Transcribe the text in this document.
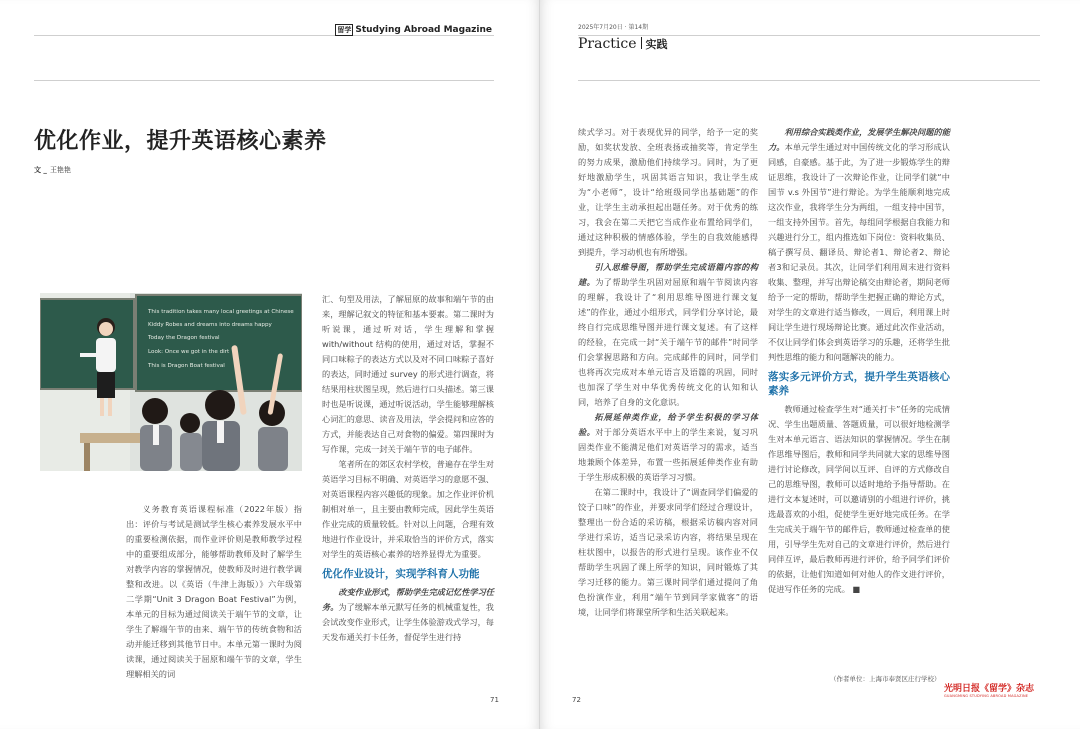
留学 Studying Abroad Magazine
优化作业，提升英语核心素养
文 _ 王艳艳
This tradition takes many local greetings at Chinese
Kiddy Robes and dreams into dreams happy
Today the Dragon festival
Look: Once we got in the dirt
This is Dragon Boat festival

汇、句型及用法，了解屈原的故事和端午节的由来，理解记叙文的特征和基本要素。第二课时为听说课，通过听对话，学生理解和掌握 with/without 结构的使用，通过对话，掌握不同口味粽子的表达方式以及对不同口味粽子喜好的表达，同时通过 survey 的形式进行调查，将结果用柱状图呈现，然后进行口头描述。第三课时也是听说课，通过听说活动，学生能够理解核心词汇的意思、读音及用法，学会提问和应答的方式，并能表达自己对食物的偏爱。第四课时为写作课，完成一封关于端午节的电子邮件。

笔者所在的郊区农村学校，普遍存在学生对英语学习目标不明确、对英语学习的意愿不强、对英语课程内容兴趣低的现象。加之作业评价机制相对单一，且主要由教师完成，因此学生英语作业完成的质量较低。针对以上问题，合理有效地进行作业设计，并采取恰当的评价方式，落实对学生的英语核心素养的培养显得尤为重要。

优化作业设计，实现学科育人功能

改变作业形式，帮助学生完成记忆性学习任务。为了缓解本单元默写任务的机械重复性，我会试改变作业形式，让学生体验游戏式学习，每天发布通关打卡任务，督促学生进行持

义务教育英语课程标准（2022年版）指出：评价与考试是测试学生核心素养发展水平中的重要检测依据，而作业评价则是教师教学过程中的重要组成部分，能够帮助教师及时了解学生对教学内容的掌握情况，使教师及时进行教学调整和改进。以《英语（牛津上海版）》六年级第二学期“Unit 3 Dragon Boat Festival”为例，本单元的目标为通过阅读关于端午节的文章，让学生了解端午节的由来、端午节的传统食物和活动并能迁移到其他节日中。本单元第一课时为阅读课，通过阅读关于屈原和端午节的文章，学生理解相关的词

71
2025年7月20日 · 第14期
Practice 实践

续式学习。对于表现优异的同学，给予一定的奖励，如奖状发放、全班表扬或抽奖等，肯定学生的努力成果，激励他们持续学习。同时，为了更好地激励学生，巩固其语言知识，我让学生成为“小老师”，设计“给班级同学出基础题”的作业，让学生主动承担起出题任务。对于优秀的练习，我会在第二天把它当成作业布置给同学们，通过这种积极的情感体验，学生的自我效能感得到提升，学习动机也有所增强。

引入思维导图，帮助学生完成语篇内容的构建。为了帮助学生巩固对屈原和端午节阅读内容的理解，我设计了“利用思维导图进行课文复述”的作业，通过小组形式，同学们分享讨论，最终自行完成思维导图并进行课文复述。有了这样的经验，在完成一封“关于端午节的邮件”时同学们会掌握思路和方向。完成邮件的同时，同学们也将再次完成对本单元语言及语篇的巩固，同时也加深了学生对中华优秀传统文化的认知和认同，培养了自身的文化意识。

拓展延伸类作业，给予学生积极的学习体验。对于部分英语水平中上的学生来说，复习巩固类作业不能满足他们对英语学习的需求，适当地兼顾个体差异，布置一些拓展延伸类作业有助于学生形成积极的英语学习习惯。

在第二课时中，我设计了“调查同学们偏爱的饺子口味”的作业，并要求同学们经过合理设计，整理出一份合适的采访稿，根据采访稿内容对同学进行采访，适当记录采访内容，将结果呈现在柱状图中，以报告的形式进行呈现。该作业不仅帮助学生巩固了课上所学的知识，同时锻炼了其学习迁移的能力。第三课时同学们通过提问了角色扮演作业，利用“端午节到同学家做客”的语境，让同学们将课堂所学和生活关联起来。

利用综合实践类作业，发展学生解决问题的能力。本单元学生通过对中国传统文化的学习形成认同感，自豪感。基于此，为了进一步锻炼学生的辩证思维，我设计了一次辩论作业，让同学们就“中国节 v.s 外国节”进行辩论。为学生能顺利地完成这次作业，我将学生分为两组，一组支持中国节，一组支持外国节。首先，每组同学根据自我能力和兴趣进行分工，组内推选如下岗位：资料收集员、稿子撰写员、翻译员、辩论者1、辩论者2、辩论者3和记录员。其次，让同学们利用周末进行资料收集、整理，并写出辩论稿交由辩论者，期间老师给予一定的帮助，帮助学生把握正确的辩论方式，对学生的文章进行适当修改，一周后，利用课上时间让学生进行现场辩论比赛。通过此次作业活动，不仅让同学们体会到英语学习的乐趣，还将学生批判性思维的能力和问题解决的能力。

落实多元评价方式，提升学生英语核心素养

教师通过检查学生对“通关打卡”任务的完成情况、学生出题质量、答题质量，可以很好地检测学生对本单元语言、语法知识的掌握情况。学生在制作思维导图后，教师和同学共同就大家的思维导图进行讨论修改，同学间以互评、自评的方式修改自己的思维导图，教师可以适时地给予指导帮助。在进行文本复述时，可以邀请别的小组进行评价，挑选最喜欢的小组，促使学生更好地完成任务。在学生完成关于端午节的邮件后，教师通过检查单的使用，引导学生先对自己的文章进行评价，然后进行同伴互评，最后教师再进行评价，给予同学们评价的依据，让他们知道如何对他人的作文进行评价，促进写作任务的完成。 ■

（作者单位：上海市奉贤区庄行学校）
光明日报《留学》杂志
GUANGMING STUDYING ABROAD MAGAZINE
72
